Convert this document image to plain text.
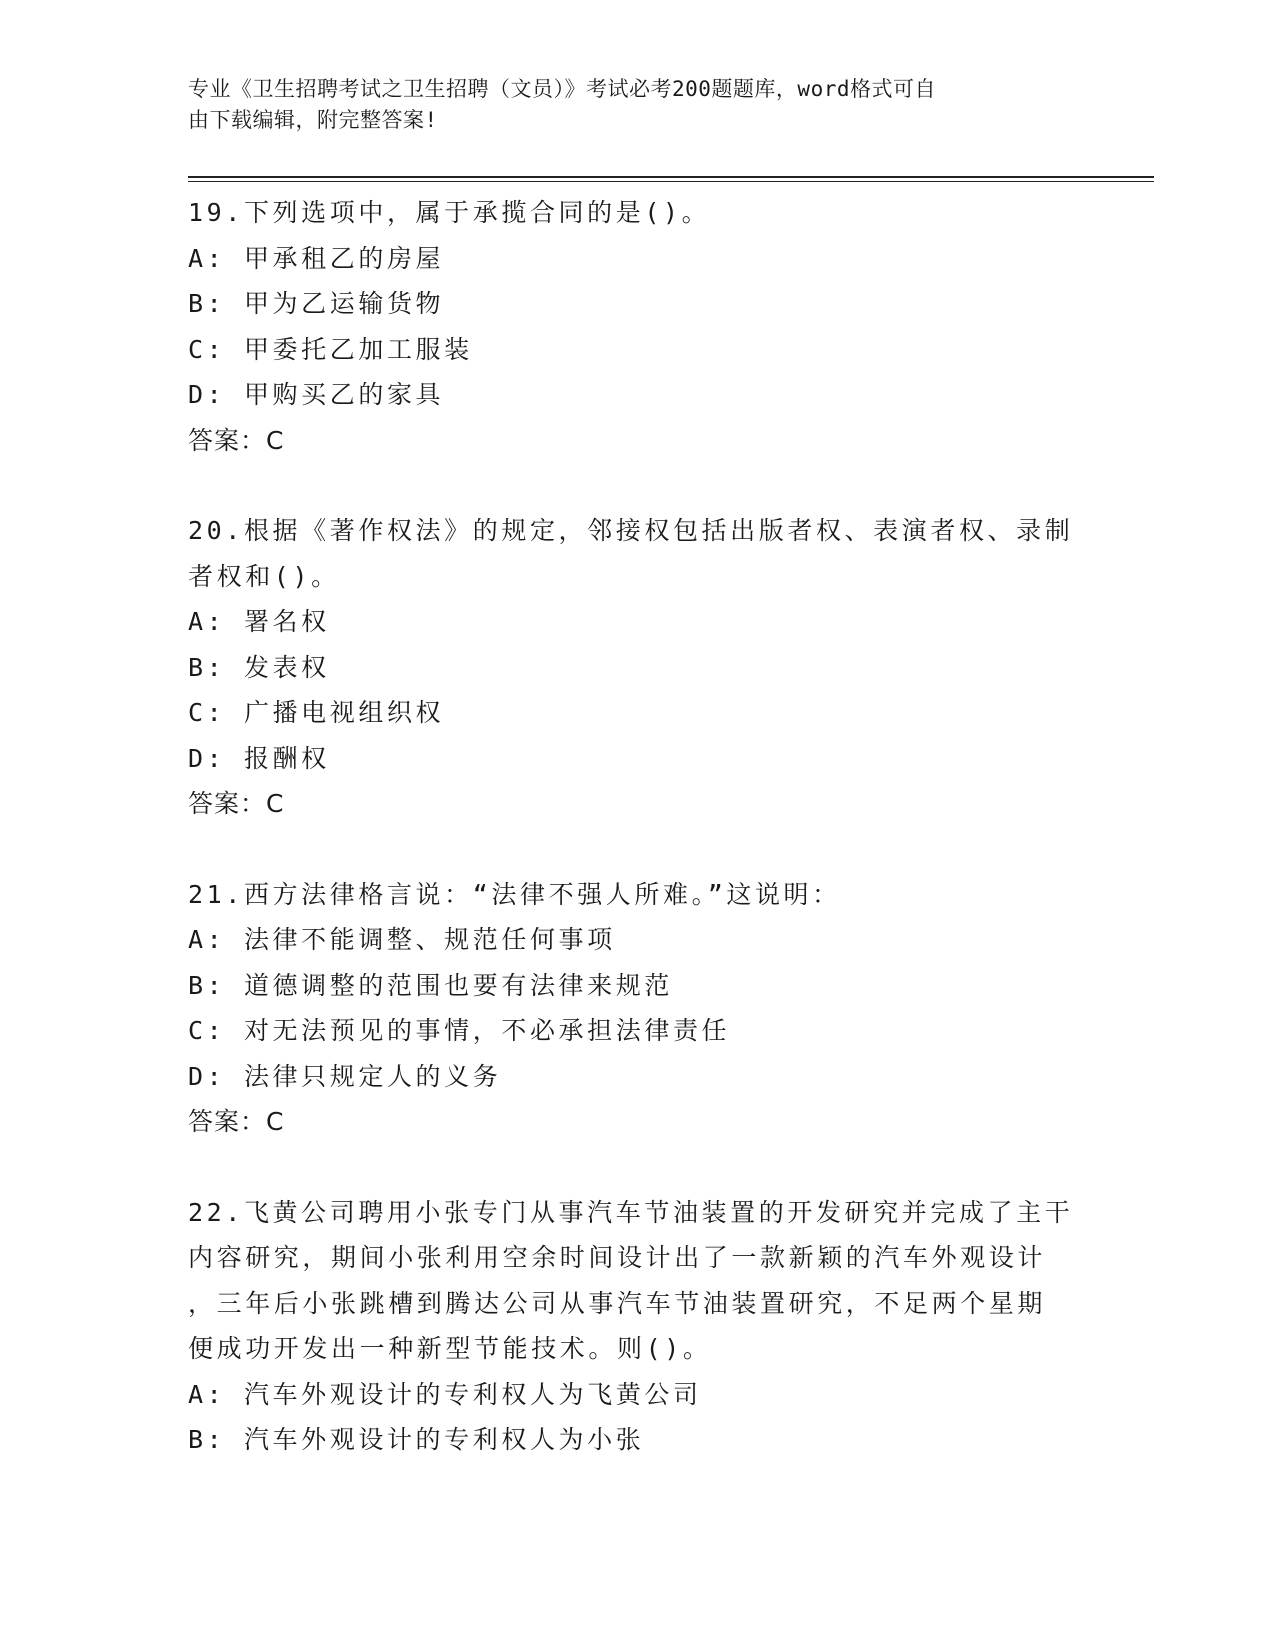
专业《卫生招聘考试之卫生招聘（文员）》考试必考200题题库，word格式可自
由下载编辑，附完整答案!
19.下列选项中，属于承揽合同的是()。
A: 甲承租乙的房屋
B: 甲为乙运输货物
C: 甲委托乙加工服装
D: 甲购买乙的家具
答案：C
20.根据《著作权法》的规定，邻接权包括出版者权、表演者权、录制
者权和()。
A: 署名权
B: 发表权
C: 广播电视组织权
D: 报酬权
答案：C
21.西方法律格言说：“法律不强人所难。”这说明：
A: 法律不能调整、规范任何事项
B: 道德调整的范围也要有法律来规范
C: 对无法预见的事情，不必承担法律责任
D: 法律只规定人的义务
答案：C
22.飞黄公司聘用小张专门从事汽车节油装置的开发研究并完成了主干
内容研究，期间小张利用空余时间设计出了一款新颖的汽车外观设计
，三年后小张跳槽到腾达公司从事汽车节油装置研究，不足两个星期
便成功开发出一种新型节能技术。则()。
A: 汽车外观设计的专利权人为飞黄公司
B: 汽车外观设计的专利权人为小张
